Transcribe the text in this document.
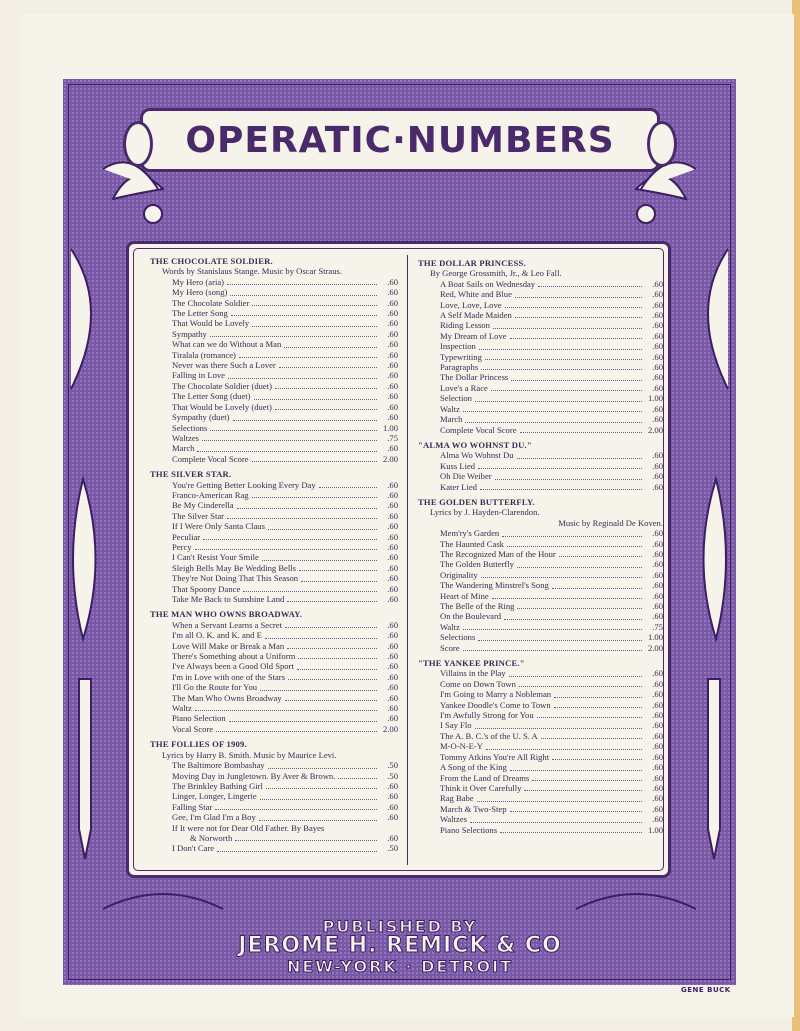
OPERATIC·NUMBERS
THE CHOCOLATE SOLDIER.
Words by Stanislaus Stange. Music by Oscar Straus.
My Hero (aria)	.60
My Hero (song)	.60
The Chocolate Soldier	.60
The Letter Song	.60
That Would be Lovely	.60
Sympathy	.60
What can we do Without a Man	.60
Tiralala (romance)	.60
Never was there Such a Lover	.60
Falling in Love	.60
The Chocolate Soldier (duet)	.60
The Letter Song (duet)	.60
That Would be Lovely (duet)	.60
Sympathy (duet)	.60
Selections	1.00
Waltzes	.75
March	.60
Complete Vocal Score	2.00
THE SILVER STAR.
You're Getting Better Looking Every Day	.60
Franco-American Rag	.60
Be My Cinderella	.60
The Silver Star	.60
If I Were Only Santa Claus	.60
Peculiar	.60
Percy	.60
I Can't Resist Your Smile	.60
Sleigh Bells May Be Wedding Bells	.60
They're Not Doing That This Season	.60
That Spoony Dance	.60
Take Me Back to Sunshine Land	.60
THE MAN WHO OWNS BROADWAY.
When a Servant Learns a Secret	.60
I'm all O. K. and K. and E	.60
Love Will Make or Break a Man	.60
There's Something about a Uniform	.60
I've Always been a Good Old Sport	.60
I'm in Love with one of the Stars	.60
I'll Go the Route for You	.60
The Man Who Owns Broadway	.60
Waltz	.60
Piano Selection	.60
Vocal Score	2.00
THE FOLLIES OF 1909.
Lyrics by Harry B. Smith. Music by Maurice Levi.
The Baltimore Bombashay	.50
Moving Day in Jungletown. By Aver & Brown.	.50
The Brinkley Bathing Girl	.60
Linger, Longer, Lingerie	.60
Falling Star	.60
Gee, I'm Glad I'm a Boy	.60
If It were not for Dear Old Father. By Bayes
& Norworth	.60
I Don't Care	.50
THE DOLLAR PRINCESS.
By George Grossmith, Jr., & Leo Fall.
A Boat Sails on Wednesday	.60
Red, White and Blue	.60
Love, Love, Love	.60
A Self Made Maiden	.60
Riding Lesson	.60
My Dream of Love	.60
Inspection	.60
Typewriting	.60
Paragraphs	.60
The Dollar Princess	.60
Love's a Race	.60
Selection	1.00
Waltz	.60
March	.60
Complete Vocal Score	2.00
"ALMA WO WOHNST DU."
Alma Wo Wohnst Du	.60
Kuss Lied	.60
Oh Die Weiber	.60
Kater Lied	.60
THE GOLDEN BUTTERFLY.
Lyrics by J. Hayden-Clarendon.
Music by Reginald De Koven.
Mem'ry's Garden	.60
The Haunted Cask	.60
The Recognized Man of the Hour	.60
The Golden Butterfly	.60
Originality	.60
The Wandering Minstrel's Song	.60
Heart of Mine	.60
The Belle of the Ring	.60
On the Boulevard	.60
Waltz	.75
Selections	1.00
Score	2.00
"THE YANKEE PRINCE."
Villains in the Play	.60
Come on Down Town	.60
I'm Going to Marry a Nobleman	.60
Yankee Doodle's Come to Town	.60
I'm Awfully Strong for You	.60
I Say Flo	.60
The A. B. C.'s of the U. S. A	.60
M-O-N-E-Y	.60
Tommy Atkins You're All Right	.60
A Song of the King	.60
From the Land of Dreams	.60
Think it Over Carefully	.60
Rag Babe	.60
March & Two-Step	.60
Waltzes	.60
Piano Selections	1.00
PUBLISHED BY
JEROME H. REMICK & CO
NEW-YORK · DETROIT
GENE BUCK
